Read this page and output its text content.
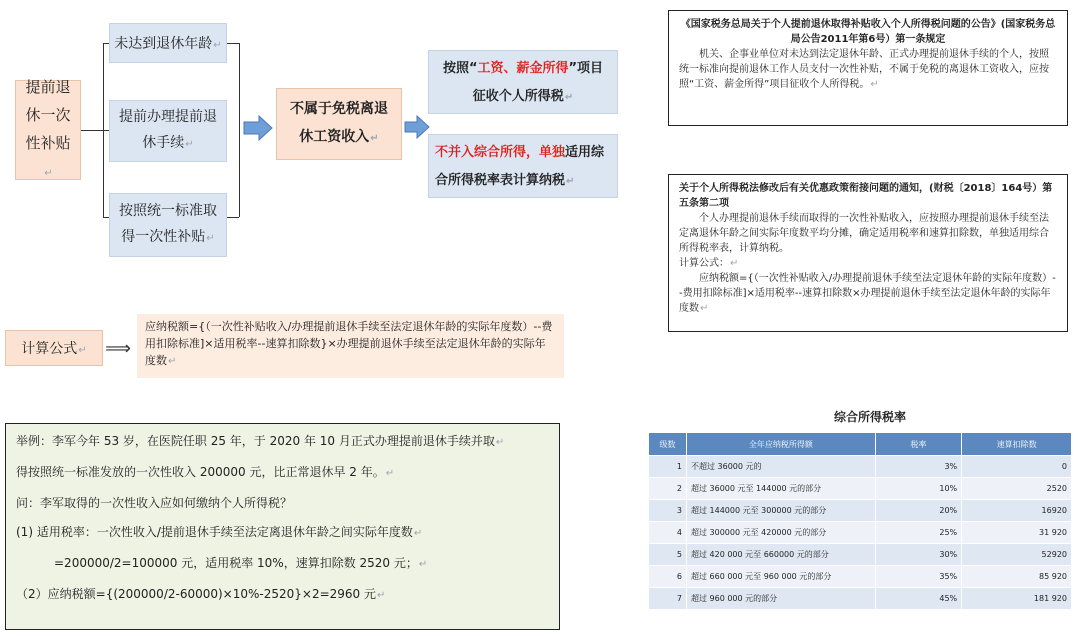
提前退休一次性补贴 ↵
未达到退休年龄 ↵
提前办理提前退休手续 ↵
按照统一标准取得一次性补贴 ↵
不属于免税离退休工资收入 ↵
按照“工资、薪金所得”项目征收个人所得税 ↵
不并入综合所得，单独适用综合所得税率表计算纳税 ↵
计算公式 ↵	⟹
应纳税额={（一次性补贴收入/办理提前退休手续至法定退休年龄的实际年度数）--费用扣除标准]×适用税率--速算扣除数}×办理提前退休手续至法定退休年龄的实际年度数 ↵

《国家税务总局关于个人提前退休取得补贴收入个人所得税问题的公告》(国家税务总局公告2011年第6号）第一条规定

机关、企事业单位对未达到法定退休年龄、正式办理提前退休手续的个人，按照统一标准向提前退休工作人员支付一次性补贴，不属于免税的离退休工资收入，应按照“工资、薪金所得”项目征收个人所得税。 ↵

关于个人所得税法修改后有关优惠政策衔接问题的通知，(财税〔2018〕164号）第五条第二项

个人办理提前退休手续而取得的一次性补贴收入，应按照办理提前退休手续至法定离退休年龄之间实际年度数平均分摊，确定适用税率和速算扣除数，单独适用综合所得税率表，计算纳税。

计算公式： ↵

应纳税额={（一次性补贴收入/办理提前退休手续至法定退休年龄的实际年度数）--费用扣除标准]×适用税率--速算扣除数×办理提前退休手续至法定退休年龄的实际年度数 ↵

举例：李军今年 53 岁，在医院任职 25 年，于 2020 年 10 月正式办理提前退休手续并取 ↵
得按照统一标准发放的一次性收入 200000 元，比正常退休早 2 年。 ↵
问：李军取得的一次性收入应如何缴纳个人所得税？
(1) 适用税率：一次性收入/提前退休手续至法定离退休年龄之间实际年度数 ↵
=200000/2=100000 元，适用税率 10%，速算扣除数 2520 元； ↵
（2）应纳税额={(200000/2-60000)×10%-2520}×2=2960 元 ↵
综合所得税率
级数	全年应纳税所得额	税率	速算扣除数
1	不超过 36000 元的	3%	0
2	超过 36000 元至 144000 元的部分	10%	2520
3	超过 144000 元至 300000 元的部分	20%	16920
4	超过 300000 元至 420000 元的部分	25%	31 920
5	超过 420 000 元至 660000 元的部分	30%	52920
6	超过 660 000 元至 960 000 元的部分	35%	85 920
7	超过 960 000 元的部分	45%	181 920
